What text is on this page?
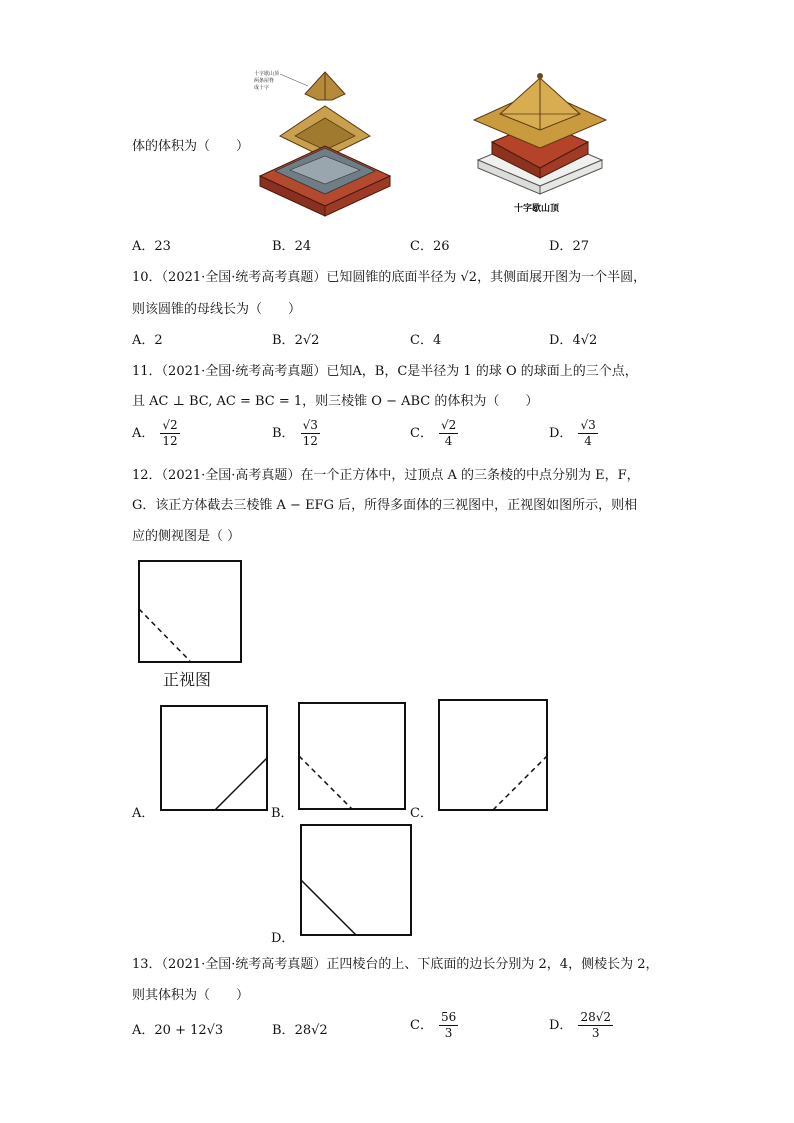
体的体积为（　　）
十字歇山顶
两条屋脊
成十字
十字歇山顶
A．23	B．24	C．26	D．27
10．（2021·全国·统考高考真题）已知圆锥的底面半径为 √2，其侧面展开图为一个半圆，
则该圆锥的母线长为（　　）
A．2	B．2√2	C．4	D．4√2
11．（2021·全国·统考高考真题）已知A，B，C是半径为 1 的球 O 的球面上的三个点，
且 AC ⊥ BC, AC = BC = 1，则三棱锥 O − ABC 的体积为（　　）
A． $\frac{√2}{12}$	B． $\frac{√3}{12}$	C． $\frac{√2}{4}$	D． $\frac{√3}{4}$
12．（2021·全国·高考真题）在一个正方体中，过顶点 A 的三条棱的中点分别为 E，F，
G．该正方体截去三棱锥 A − EFG 后，所得多面体的三视图中，正视图如图所示，则相
应的侧视图是（ ）
正视图
A．	B．	C．
D．
13．（2021·全国·统考高考真题）正四棱台的上、下底面的边长分别为 2，4，侧棱长为 2，
则其体积为（　　）
A．20 + 12√3	B．28√2	C． $\frac{56}{3}$	D． $\frac{28√2}{3}$
